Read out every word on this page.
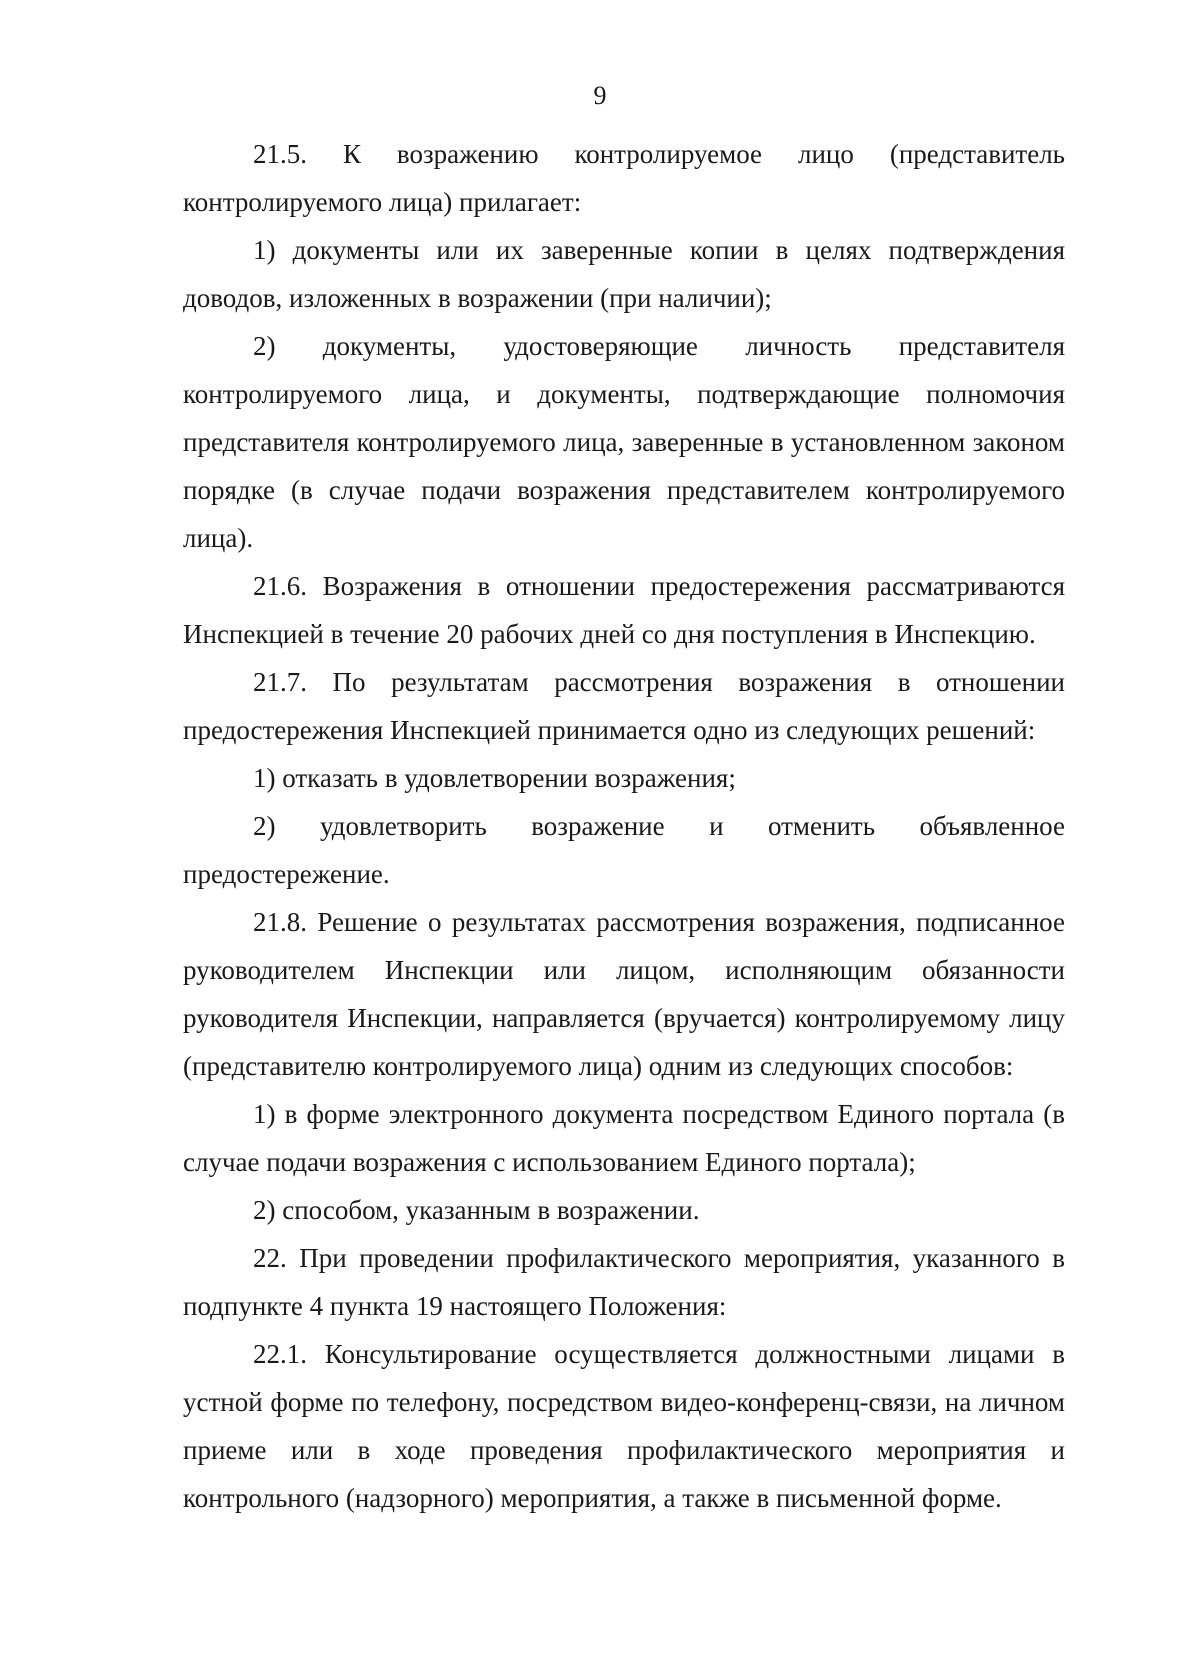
9

21.5. К возражению контролируемое лицо (представитель контролируемого лица) прилагает:

1) документы или их заверенные копии в целях подтверждения доводов, изложенных в возражении (при наличии);

2) документы, удостоверяющие личность представителя контролируемого лица, и документы, подтверждающие полномочия представителя контролируемого лица, заверенные в установленном законом порядке (в случае подачи возражения представителем контролируемого лица).

21.6. Возражения в отношении предостережения рассматриваются Инспекцией в течение 20 рабочих дней со дня поступления в Инспекцию.

21.7. По результатам рассмотрения возражения в отношении предостережения Инспекцией принимается одно из следующих решений:

1) отказать в удовлетворении возражения;

2) удовлетворить возражение и отменить объявленное предостережение.

21.8. Решение о результатах рассмотрения возражения, подписанное руководителем Инспекции или лицом, исполняющим обязанности руководителя Инспекции, направляется (вручается) контролируемому лицу (представителю контролируемого лица) одним из следующих способов:

1) в форме электронного документа посредством Единого портала (в случае подачи возражения с использованием Единого портала);

2) способом, указанным в возражении.

22. При проведении профилактического мероприятия, указанного в подпункте 4 пункта 19 настоящего Положения:

22.1. Консультирование осуществляется должностными лицами в устной форме по телефону, посредством видео-конференц-связи, на личном приеме или в ходе проведения профилактического мероприятия и контрольного (надзорного) мероприятия, а также в письменной форме.
